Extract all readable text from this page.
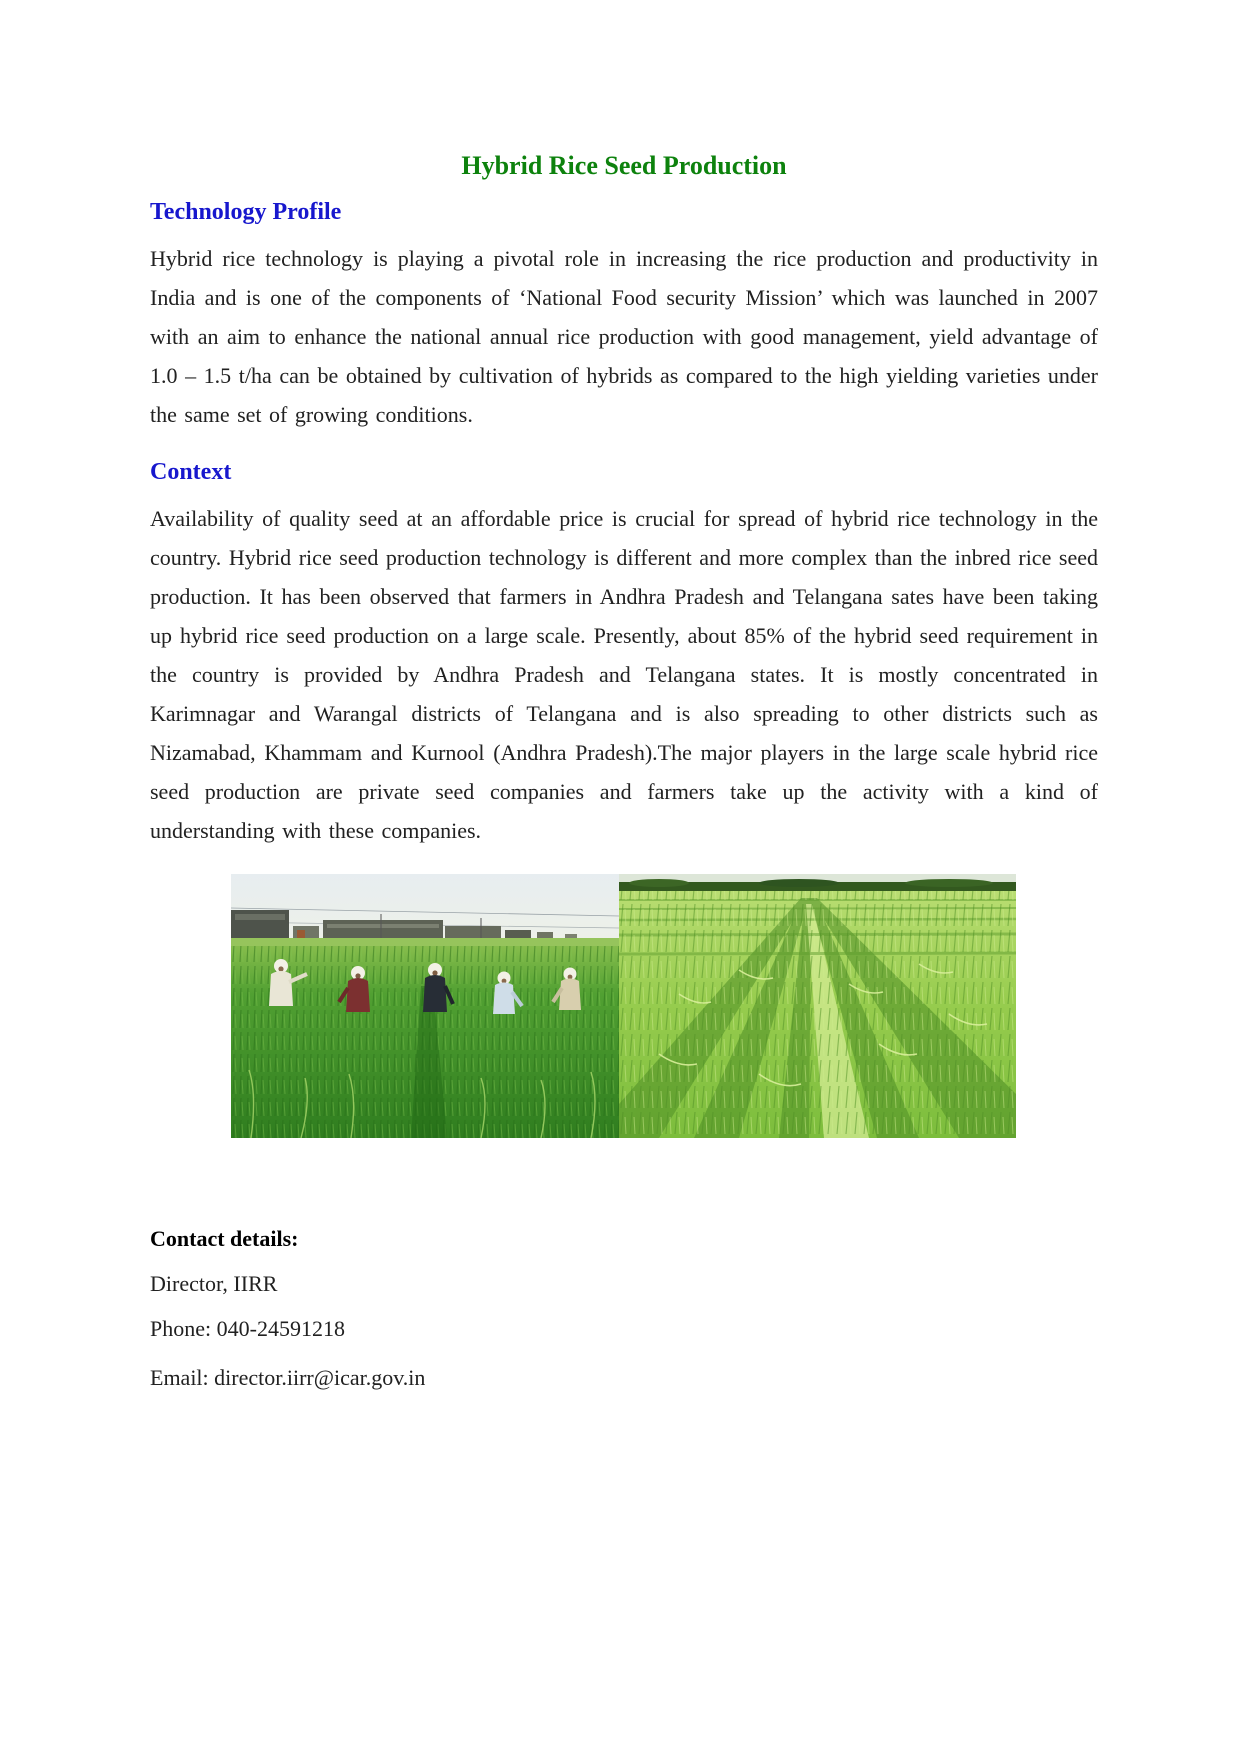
Hybrid Rice Seed Production
Technology Profile

Hybrid rice technology is playing a pivotal role in increasing the rice production and productivity in India and is one of the components of ‘National Food security Mission’ which was launched in 2007 with an aim to enhance the national annual rice production with good management, yield advantage of 1.0 – 1.5 t/ha can be obtained by cultivation of hybrids as compared to the high yielding varieties under the same set of growing conditions.

Context

Availability of quality seed at an affordable price is crucial for spread of hybrid rice technology in the country. Hybrid rice seed production technology is different and more complex than the inbred rice seed production. It has been observed that farmers in Andhra Pradesh and Telangana sates have been taking up hybrid rice seed production on a large scale. Presently, about 85% of the hybrid seed requirement in the country is provided by Andhra Pradesh and Telangana states. It is mostly concentrated in Karimnagar and Warangal districts of Telangana and is also spreading to other districts such as Nizamabad, Khammam and Kurnool (Andhra Pradesh).The major players in the large scale hybrid rice seed production are private seed companies and farmers take up the activity with a kind of understanding with these companies.

Contact details:

Director, IIRR

Phone: 040-24591218

Email: director.iirr@icar.gov.in
